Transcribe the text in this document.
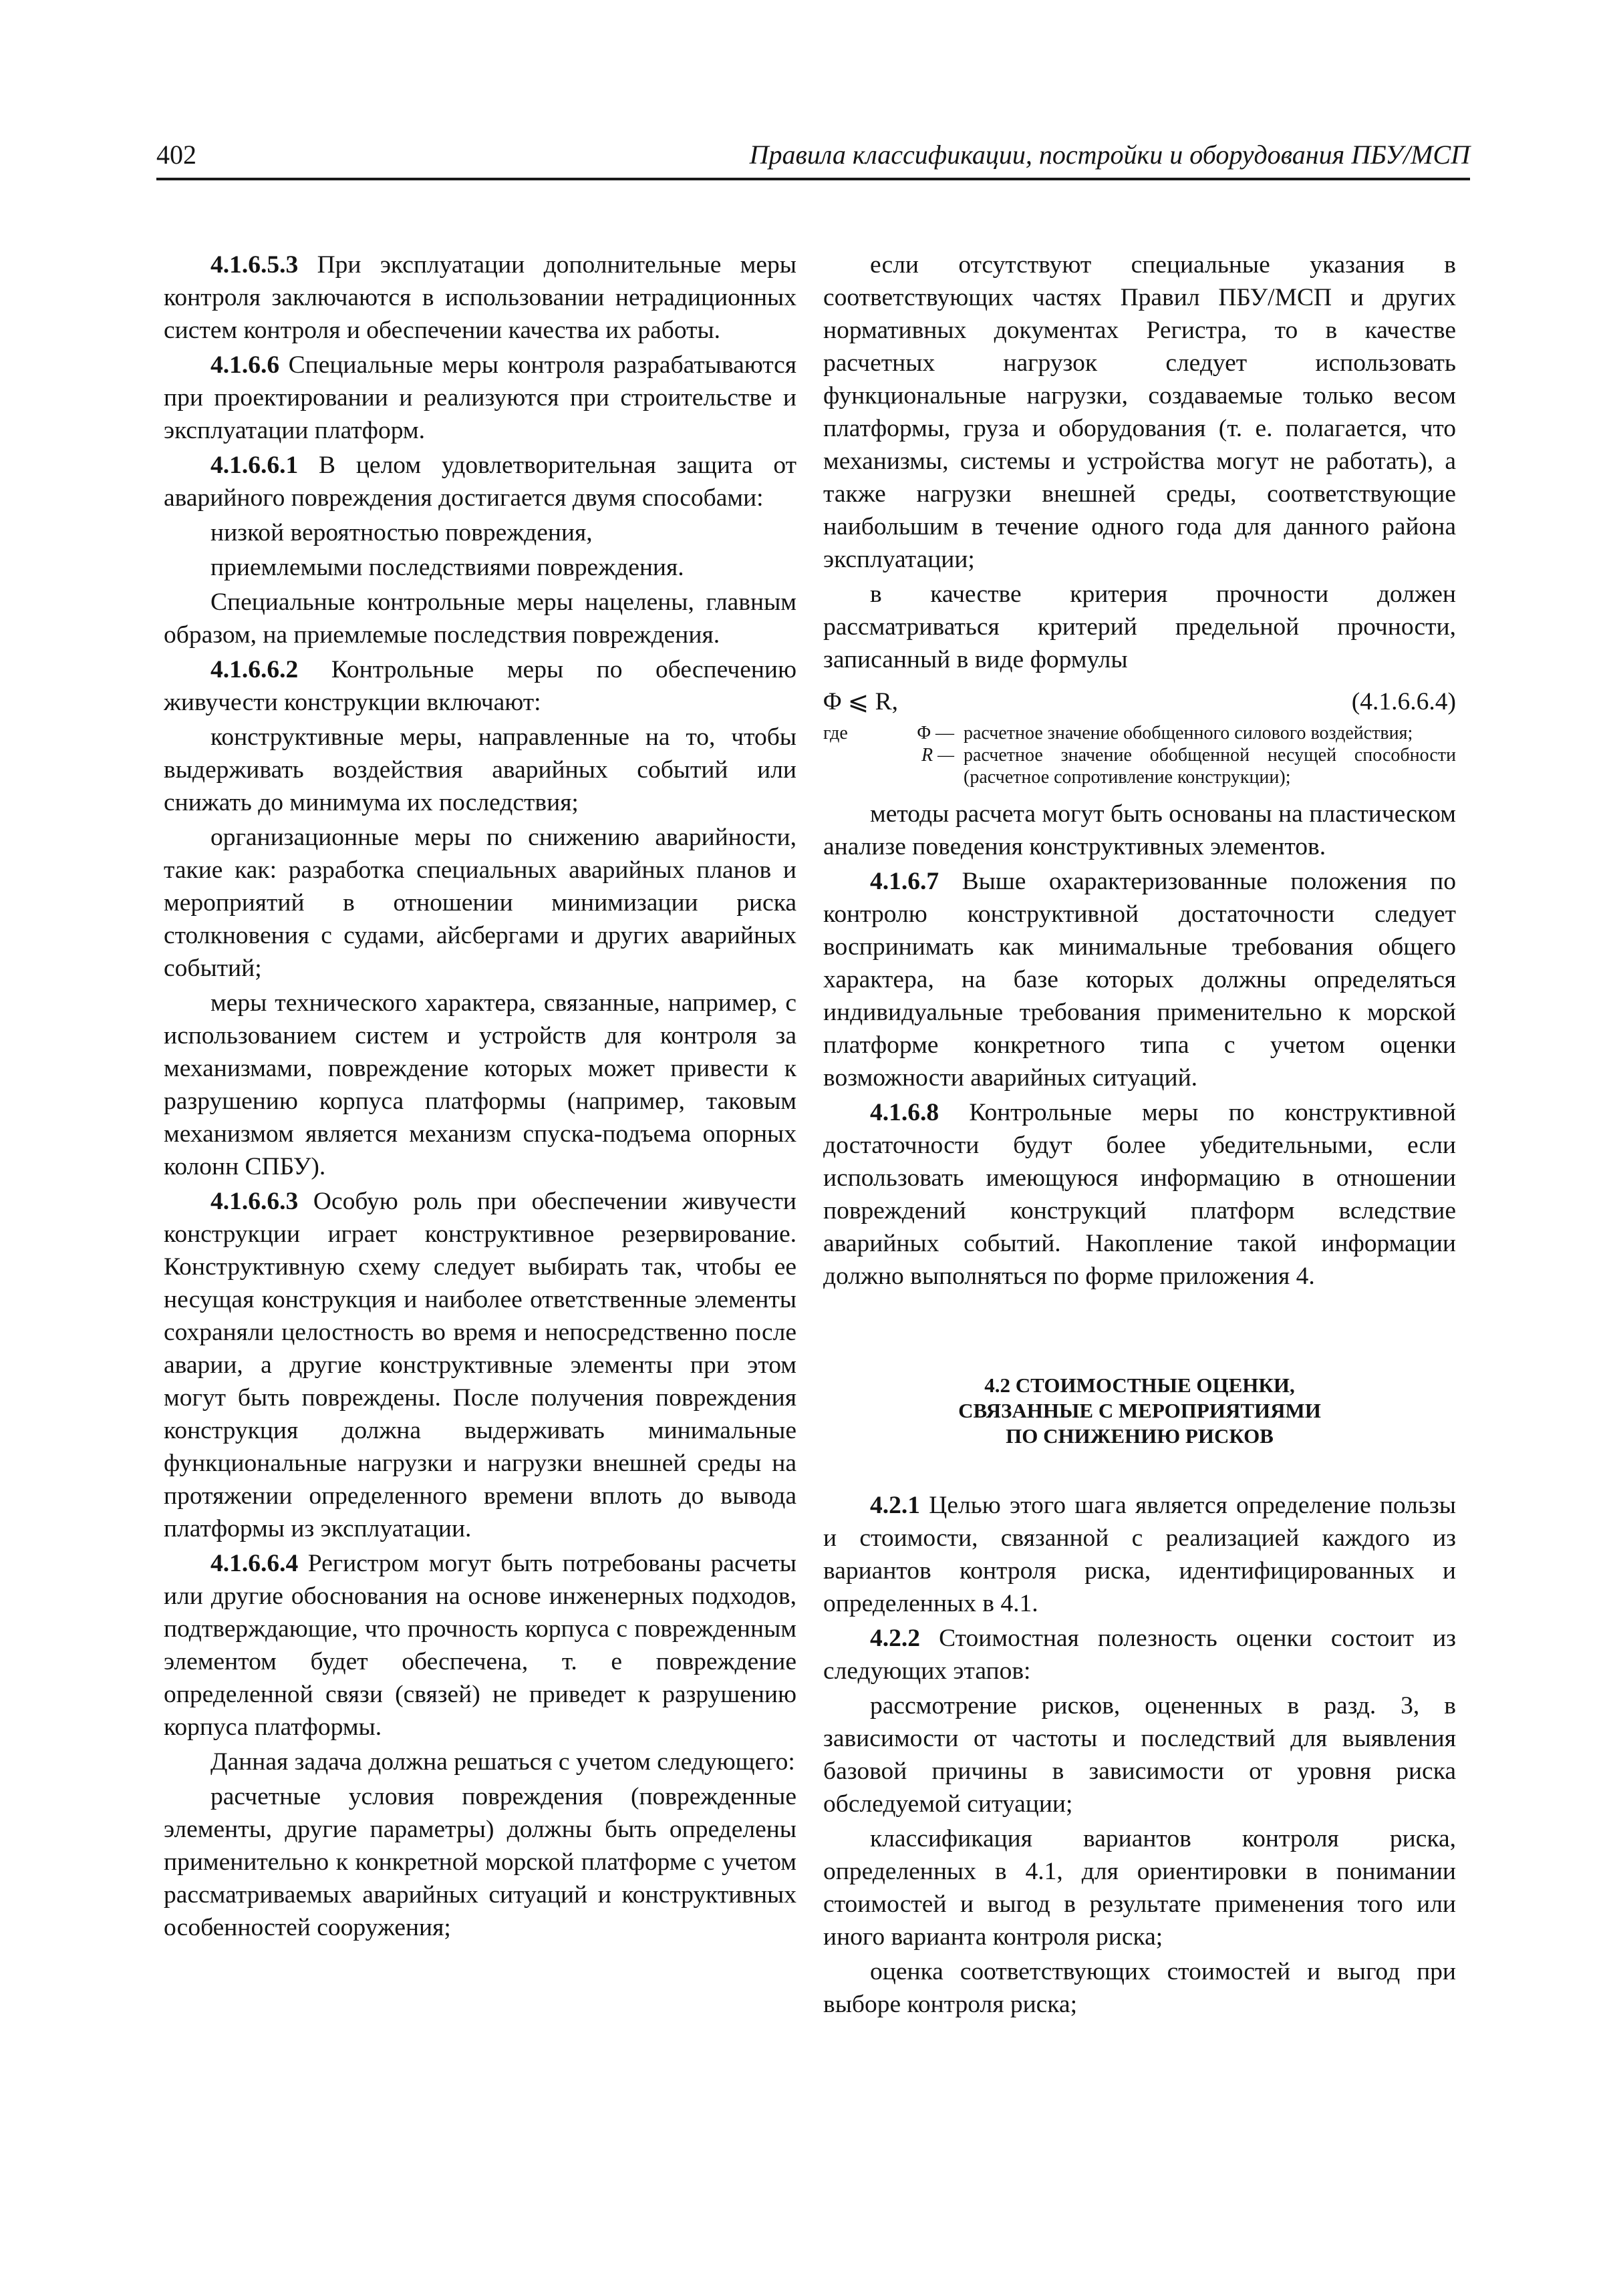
402	Правила классификации, постройки и оборудования ПБУ/МСП

4.1.6.5.3 При эксплуатации дополнительные меры контроля заключаются в использовании нетрадиционных систем контроля и обеспечении качества их работы.

4.1.6.6 Специальные меры контроля разрабатываются при проектировании и реализуются при строительстве и эксплуатации платформ.

4.1.6.6.1 В целом удовлетворительная защита от аварийного повреждения достигается двумя способами:

низкой вероятностью повреждения,

приемлемыми последствиями повреждения.

Специальные контрольные меры нацелены, главным образом, на приемлемые последствия повреждения.

4.1.6.6.2 Контрольные меры по обеспечению живучести конструкции включают:

конструктивные меры, направленные на то, чтобы выдерживать воздействия аварийных событий или снижать до минимума их последствия;

организационные меры по снижению аварийности, такие как: разработка специальных аварийных планов и мероприятий в отношении минимизации риска столкновения с судами, айсбергами и других аварийных событий;

меры технического характера, связанные, например, с использованием систем и устройств для контроля за механизмами, повреждение которых может привести к разрушению корпуса платформы (например, таковым механизмом является механизм спуска-подъема опорных колонн СПБУ).

4.1.6.6.3 Особую роль при обеспечении живучести конструкции играет конструктивное резервирование. Конструктивную схему следует выбирать так, чтобы ее несущая конструкция и наиболее ответственные элементы сохраняли целостность во время и непосредственно после аварии, а другие конструктивные элементы при этом могут быть повреждены. После получения повреждения конструкция должна выдерживать минимальные функциональные нагрузки и нагрузки внешней среды на протяжении определенного времени вплоть до вывода платформы из эксплуатации.

4.1.6.6.4 Регистром могут быть потребованы расчеты или другие обоснования на основе инженерных подходов, подтверждающие, что прочность корпуса с поврежденным элементом будет обеспечена, т. е повреждение определенной связи (связей) не приведет к разрушению корпуса платформы.

Данная задача должна решаться с учетом следующего:

расчетные условия повреждения (поврежденные элементы, другие параметры) должны быть определены применительно к конкретной морской платформе с учетом рассматриваемых аварийных ситуаций и конструктивных особенностей сооружения;

если отсутствуют специальные указания в соответствующих частях Правил ПБУ/МСП и других нормативных документах Регистра, то в качестве расчетных нагрузок следует использовать функциональные нагрузки, создаваемые только весом платформы, груза и оборудования (т. е. полагается, что механизмы, системы и устройства могут не работать), а также нагрузки внешней среды, соответствующие наибольшим в течение одного года для данного района эксплуатации;

в качестве критерия прочности должен рассматриваться критерий предельной прочности, записанный в виде формулы

Φ ⩽ R,	(4.1.6.6.4)
где	Φ — расчетное значение обобщенного силового воздействия;
R — расчетное значение обобщенной несущей способности (расчетное сопротивление конструкции);

методы расчета могут быть основаны на пластическом анализе поведения конструктивных элементов.

4.1.6.7 Выше охарактеризованные положения по контролю конструктивной достаточности следует воспринимать как минимальные требования общего характера, на базе которых должны определяться индивидуальные требования применительно к морской платформе конкретного типа с учетом оценки возможности аварийных ситуаций.

4.1.6.8 Контрольные меры по конструктивной достаточности будут более убедительными, если использовать имеющуюся информацию в отношении повреждений конструкций платформ вследствие аварийных событий. Накопление такой информации должно выполняться по форме приложения 4.

4.2 СТОИМОСТНЫЕ ОЦЕНКИ,
СВЯЗАННЫЕ С МЕРОПРИЯТИЯМИ
ПО СНИЖЕНИЮ РИСКОВ

4.2.1 Целью этого шага является определение пользы и стоимости, связанной с реализацией каждого из вариантов контроля риска, идентифицированных и определенных в 4.1.

4.2.2 Стоимостная полезность оценки состоит из следующих этапов:

рассмотрение рисков, оцененных в разд. 3, в зависимости от частоты и последствий для выявления базовой причины в зависимости от уровня риска обследуемой ситуации;

классификация вариантов контроля риска, определенных в 4.1, для ориентировки в понимании стоимостей и выгод в результате применения того или иного варианта контроля риска;

оценка соответствующих стоимостей и выгод при выборе контроля риска;
